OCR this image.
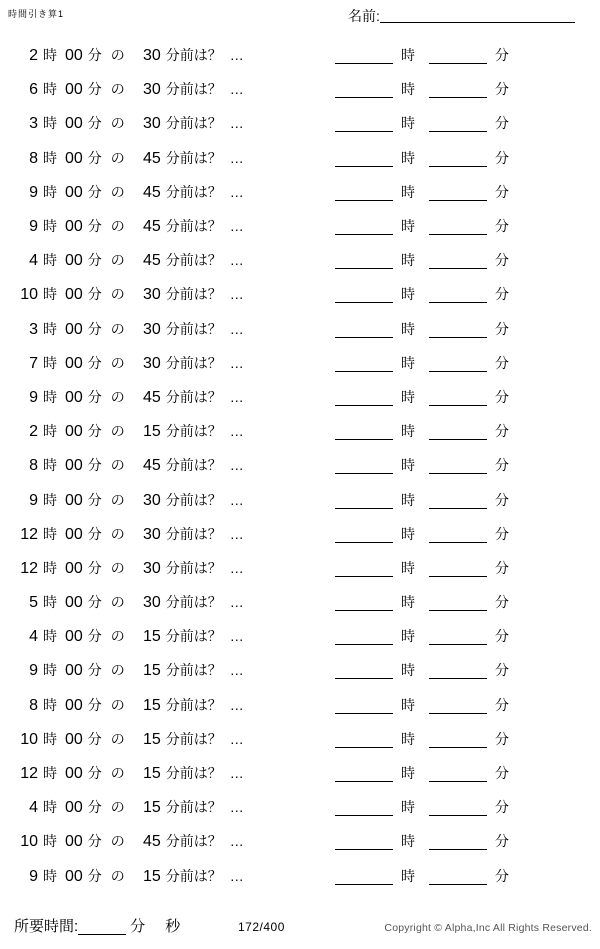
時間引き算1	名前:
2 時 00 分 の	30 分前は？ …	時	分
6 時 00 分 の	30 分前は？ …	時	分
3 時 00 分 の	30 分前は？ …	時	分
8 時 00 分 の	45 分前は？ …	時	分
9 時 00 分 の	45 分前は？ …	時	分
9 時 00 分 の	45 分前は？ …	時	分
4 時 00 分 の	45 分前は？ …	時	分
10 時 00 分 の	30 分前は？ …	時	分
3 時 00 分 の	30 分前は？ …	時	分
7 時 00 分 の	30 分前は？ …	時	分
9 時 00 分 の	45 分前は？ …	時	分
2 時 00 分 の	15 分前は？ …	時	分
8 時 00 分 の	45 分前は？ …	時	分
9 時 00 分 の	30 分前は？ …	時	分
12 時 00 分 の	30 分前は？ …	時	分
12 時 00 分 の	30 分前は？ …	時	分
5 時 00 分 の	30 分前は？ …	時	分
4 時 00 分 の	15 分前は？ …	時	分
9 時 00 分 の	15 分前は？ …	時	分
8 時 00 分 の	15 分前は？ …	時	分
10 時 00 分 の	15 分前は？ …	時	分
12 時 00 分 の	15 分前は？ …	時	分
4 時 00 分 の	15 分前は？ …	時	分
10 時 00 分 の	45 分前は？ …	時	分
9 時 00 分 の	15 分前は？ …	時	分
所要時間:	分	秒	172/400	Copyright © Alpha,Inc All Rights Reserved.
